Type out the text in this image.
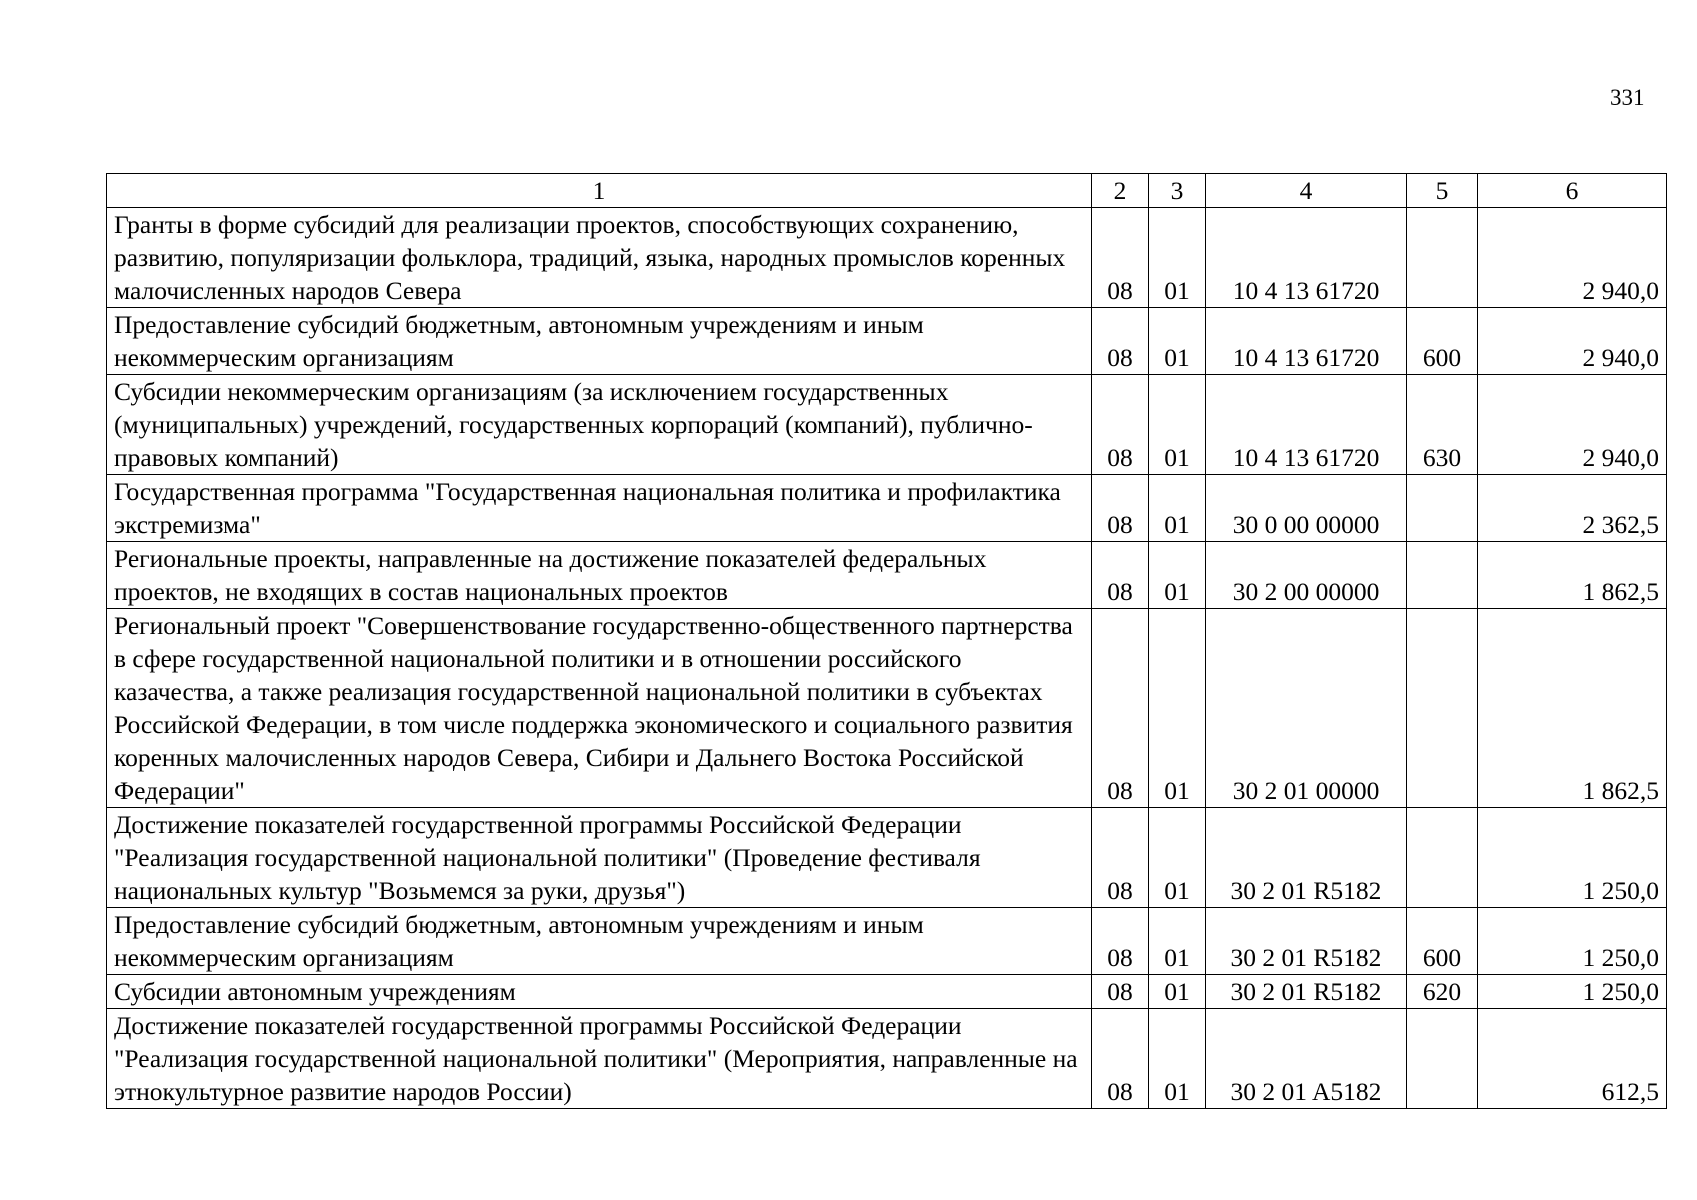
331
1	2	3	4	5	6
Гранты в форме субсидий для реализации проектов, способствующих сохранению, развитию, популяризации фольклора, традиций, языка, народных промыслов коренных малочисленных народов Севера	08	01	10 4 13 61720		2 940,0
Предоставление субсидий бюджетным, автономным учреждениям и иным некоммерческим организациям	08	01	10 4 13 61720	600	2 940,0
Субсидии некоммерческим организациям (за исключением государственных (муниципальных) учреждений, государственных корпораций (компаний), публично-правовых компаний)	08	01	10 4 13 61720	630	2 940,0
Государственная программа "Государственная национальная политика и профилактика экстремизма"	08	01	30 0 00 00000		2 362,5
Региональные проекты, направленные на достижение показателей федеральных проектов, не входящих в состав национальных проектов	08	01	30 2 00 00000		1 862,5
Региональный проект "Совершенствование государственно-общественного партнерства в сфере государственной национальной политики и в отношении российского казачества, а также реализация государственной национальной политики в субъектах Российской Федерации, в том числе поддержка экономического и социального развития коренных малочисленных народов Севера, Сибири и Дальнего Востока Российской Федерации"	08	01	30 2 01 00000		1 862,5
Достижение показателей государственной программы Российской Федерации "Реализация государственной национальной политики" (Проведение фестиваля национальных культур "Возьмемся за руки, друзья")	08	01	30 2 01 R5182		1 250,0
Предоставление субсидий бюджетным, автономным учреждениям и иным некоммерческим организациям	08	01	30 2 01 R5182	600	1 250,0
Субсидии автономным учреждениям	08	01	30 2 01 R5182	620	1 250,0
Достижение показателей государственной программы Российской Федерации "Реализация государственной национальной политики" (Мероприятия, направленные на этнокультурное развитие народов России)	08	01	30 2 01 A5182		612,5
